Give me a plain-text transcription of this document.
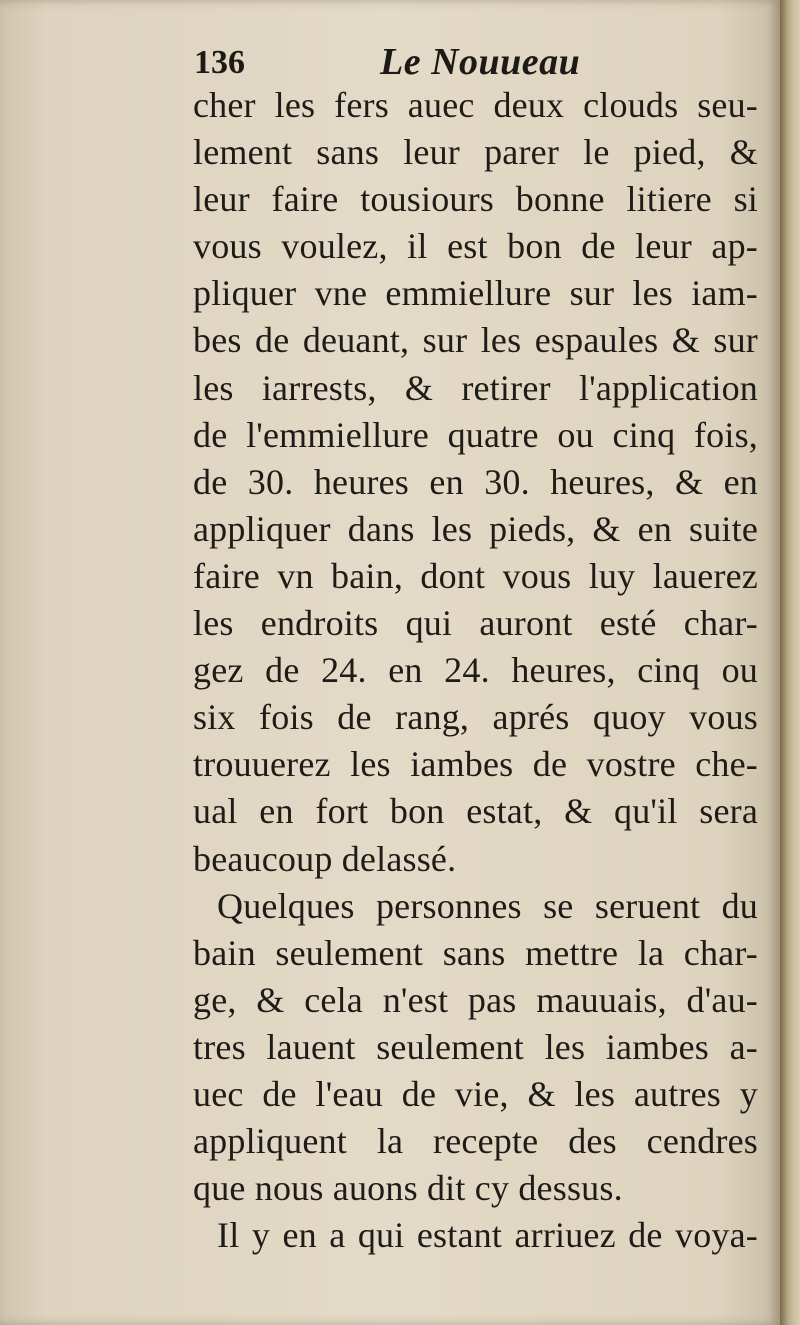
136	Le Nouueau
cher les fers auec deux clouds seu-
lement sans leur parer le pied, &
leur faire tousiours bonne litiere si
vous voulez, il est bon de leur ap-
pliquer vne emmiellure sur les iam-
bes de deuant, sur les espaules & sur
les iarrests, & retirer l'application
de l'emmiellure quatre ou cinq fois,
de 30. heures en 30. heures, & en
appliquer dans les pieds, & en suite
faire vn bain, dont vous luy lauerez
les endroits qui auront esté char-
gez de 24. en 24. heures, cinq ou
six fois de rang, aprés quoy vous
trouuerez les iambes de vostre che-
ual en fort bon estat, & qu'il sera
beaucoup delassé.
Quelques personnes se seruent du
bain seulement sans mettre la char-
ge, & cela n'est pas mauuais, d'au-
tres lauent seulement les iambes a-
uec de l'eau de vie, & les autres y
appliquent la recepte des cendres
que nous auons dit cy dessus.
Il y en a qui estant arriuez de voya-
